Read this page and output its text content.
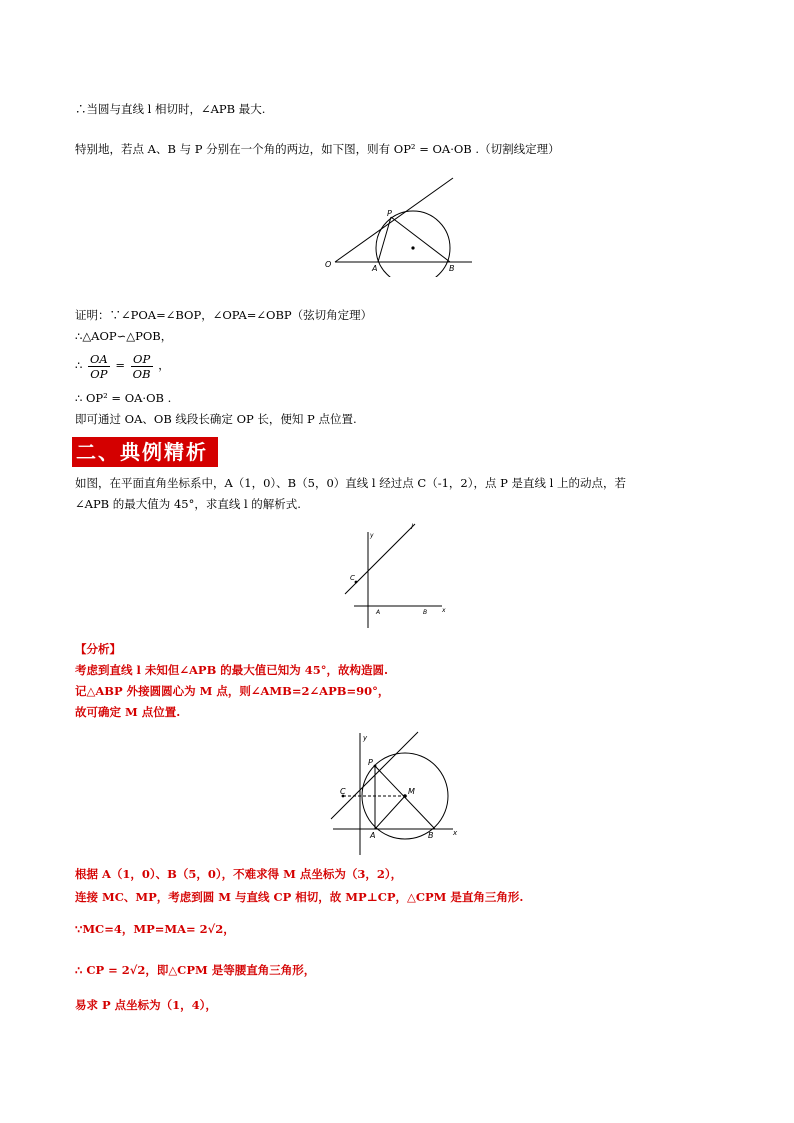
∴当圆与直线 l 相切时，∠APB 最大.
特别地，若点 A、B 与 P 分别在一个角的两边，如下图，则有 OP² = OA·OB .（切割线定理）
O	A	B
P
证明：∵∠POA=∠BOP，∠OPA=∠OBP（弦切角定理）
∴△AOP∽△POB，
∴ $\frac{OA}{OP} = \frac{OP}{OB}$ ，
∴ OP² = OA·OB .
即可通过 OA、OB 线段长确定 OP 长，便知 P 点位置.
二、典例精析
如图，在平面直角坐标系中，A（1，0）、B（5，0）直线 l 经过点 C（-1，2），点 P 是直线 l 上的动点，若
∠APB 的最大值为 45°，求直线 l 的解析式.
l
y
x
C
A	B
【分析】
考虑到直线 l 未知但∠APB 的最大值已知为 45°，故构造圆.
记△ABP 外接圆圆心为 M 点，则∠AMB=2∠APB=90°，
故可确定 M 点位置.
y
x
P
C	M
A	B
根据 A（1，0）、B（5，0），不难求得 M 点坐标为（3，2），
连接 MC、MP，考虑到圆 M 与直线 CP 相切，故 MP⊥CP，△CPM 是直角三角形.
∵MC=4，MP=MA= 2√2，
∴ CP = 2√2，即△CPM 是等腰直角三角形，
易求 P 点坐标为（1，4），
